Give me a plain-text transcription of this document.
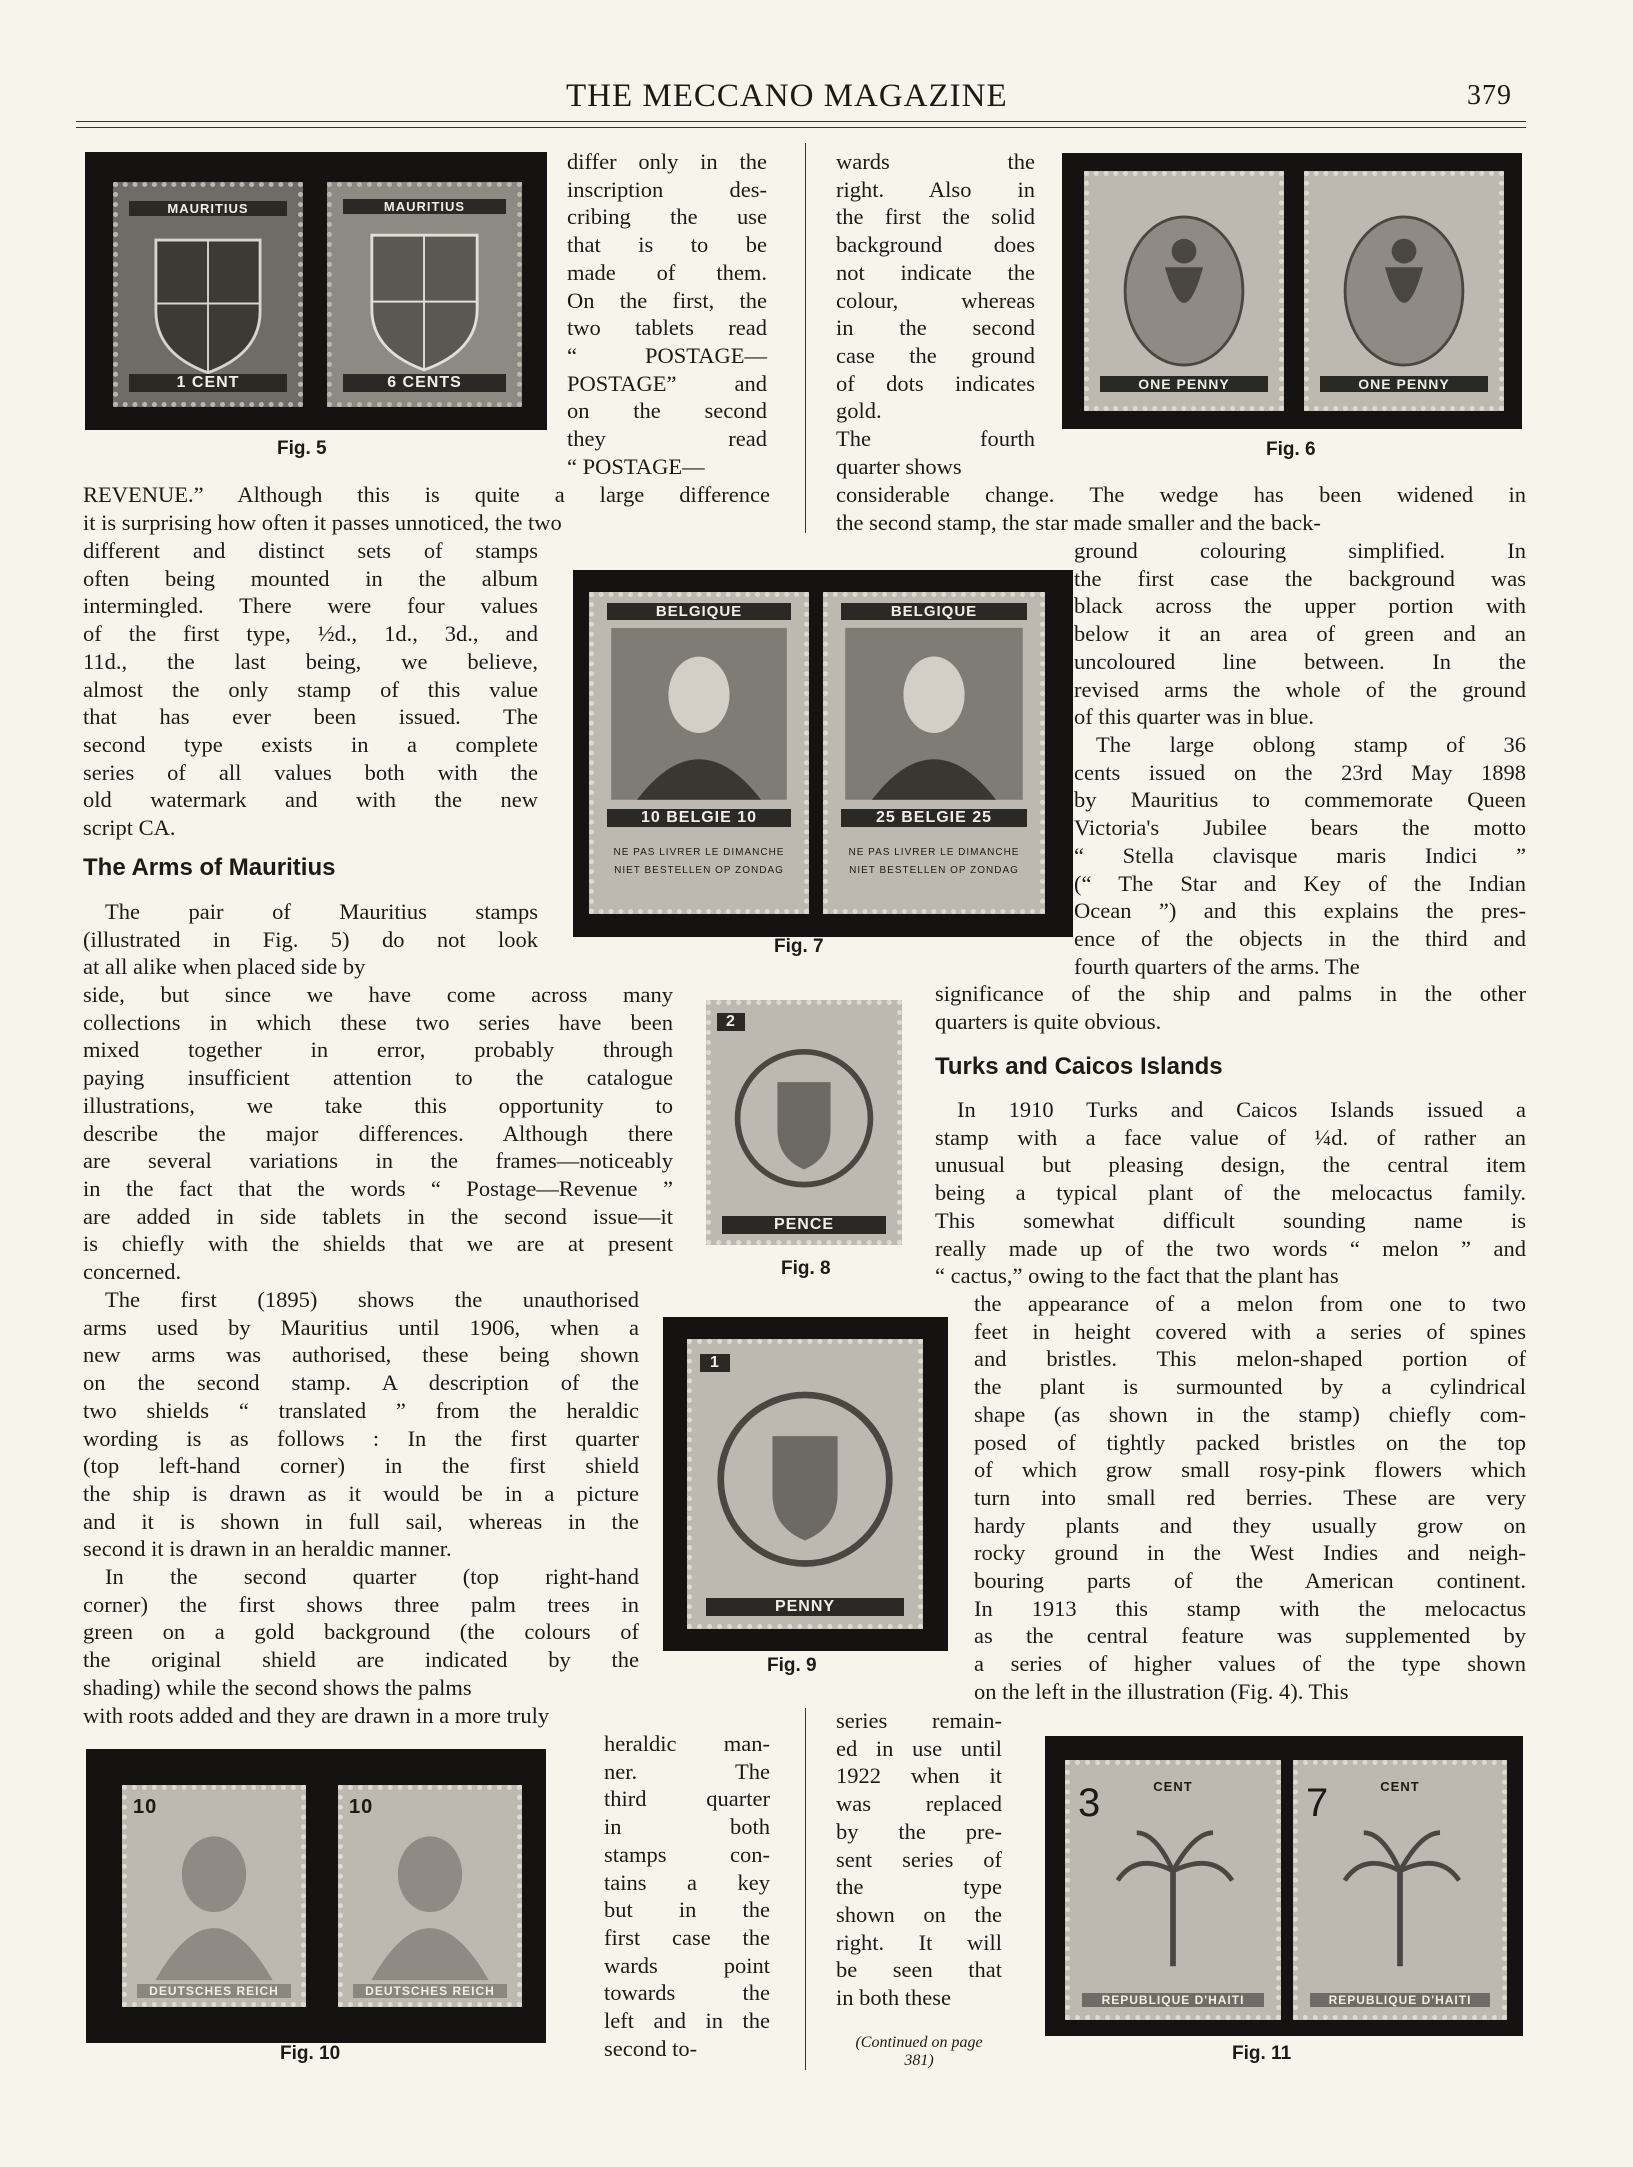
THE MECCANO MAGAZINE	379
MAURITIUS
1 CENT
MAURITIUS
6 CENTS
Fig. 5
ONE PENNY	ONE PENNY
Fig. 6
BELGIQUE
10 BELGIE 10
NE PAS LIVRER LE DIMANCHE
NIET BESTELLEN OP ZONDAG
BELGIQUE
25 BELGIE 25
NE PAS LIVRER LE DIMANCHE
NIET BESTELLEN OP ZONDAG
Fig. 7
2
PENCE
Fig. 8
1
PENNY
Fig. 9
10
DEUTSCHES REICH
10
DEUTSCHES REICH
Fig. 10
CENT
3
REPUBLIQUE D'HAITI
CENT
7
REPUBLIQUE D'HAITI
Fig. 11
differ only in the
inscription des-
cribing the use
that is to be
made of them.
On the first, the
two tablets read
“ POSTAGE—
POSTAGE” and
on the second
they read
“ POSTAGE—
REVENUE.” Although this is quite a large difference
it is surprising how often it passes unnoticed, the two
different and distinct sets of stamps
often being mounted in the album
intermingled. There were four values
of the first type, ½d., 1d., 3d., and
11d., the last being, we believe,
almost the only stamp of this value
that has ever been issued. The
second type exists in a complete
series of all values both with the
old watermark and with the new
script CA.
The Arms of Mauritius
The pair of Mauritius stamps
(illustrated in Fig. 5) do not look
at all alike when placed side by
side, but since we have come across many
collections in which these two series have been
mixed together in error, probably through
paying insufficient attention to the catalogue
illustrations, we take this opportunity to
describe the major differences. Although there
are several variations in the frames—noticeably
in the fact that the words “ Postage—Revenue ”
are added in side tablets in the second issue—it
is chiefly with the shields that we are at present
concerned.
The first (1895) shows the unauthorised
arms used by Mauritius until 1906, when a
new arms was authorised, these being shown
on the second stamp. A description of the
two shields “ translated ” from the heraldic
wording is as follows : In the first quarter
(top left-hand corner) in the first shield
the ship is drawn as it would be in a picture
and it is shown in full sail, whereas in the
second it is drawn in an heraldic manner.
In the second quarter (top right-hand
corner) the first shows three palm trees in
green on a gold background (the colours of
the original shield are indicated by the
shading) while the second shows the palms
with roots added and they are drawn in a more truly
heraldic man-
ner. The
third quarter
in both
stamps con-
tains a key
but in the
first case the
wards point
towards the
left and in the
second to-
wards the
right. Also in
the first the solid
background does
not indicate the
colour, whereas
in the second
case the ground
of dots indicates
gold.
The fourth
quarter shows
considerable change. The wedge has been widened in
the second stamp, the star made smaller and the back-
ground colouring simplified. In
the first case the background was
black across the upper portion with
below it an area of green and an
uncoloured line between. In the
revised arms the whole of the ground
of this quarter was in blue.
The large oblong stamp of 36
cents issued on the 23rd May 1898
by Mauritius to commemorate Queen
Victoria's Jubilee bears the motto
“ Stella clavisque maris Indici ”
(“ The Star and Key of the Indian
Ocean ”) and this explains the pres-
ence of the objects in the third and
fourth quarters of the arms. The
significance of the ship and palms in the other
quarters is quite obvious.
Turks and Caicos Islands
In 1910 Turks and Caicos Islands issued a
stamp with a face value of ¼d. of rather an
unusual but pleasing design, the central item
being a typical plant of the melocactus family.
This somewhat difficult sounding name is
really made up of the two words “ melon ” and
“ cactus,” owing to the fact that the plant has
the appearance of a melon from one to two
feet in height covered with a series of spines
and bristles. This melon-shaped portion of
the plant is surmounted by a cylindrical
shape (as shown in the stamp) chiefly com-
posed of tightly packed bristles on the top
of which grow small rosy-pink flowers which
turn into small red berries. These are very
hardy plants and they usually grow on
rocky ground in the West Indies and neigh-
bouring parts of the American continent.
In 1913 this stamp with the melocactus
as the central feature was supplemented by
a series of higher values of the type shown
on the left in the illustration (Fig. 4). This
series remain-
ed in use until
1922 when it
was replaced
by the pre-
sent series of
the type
shown on the
right. It will
be seen that
in both these
(Continued on page
381)
